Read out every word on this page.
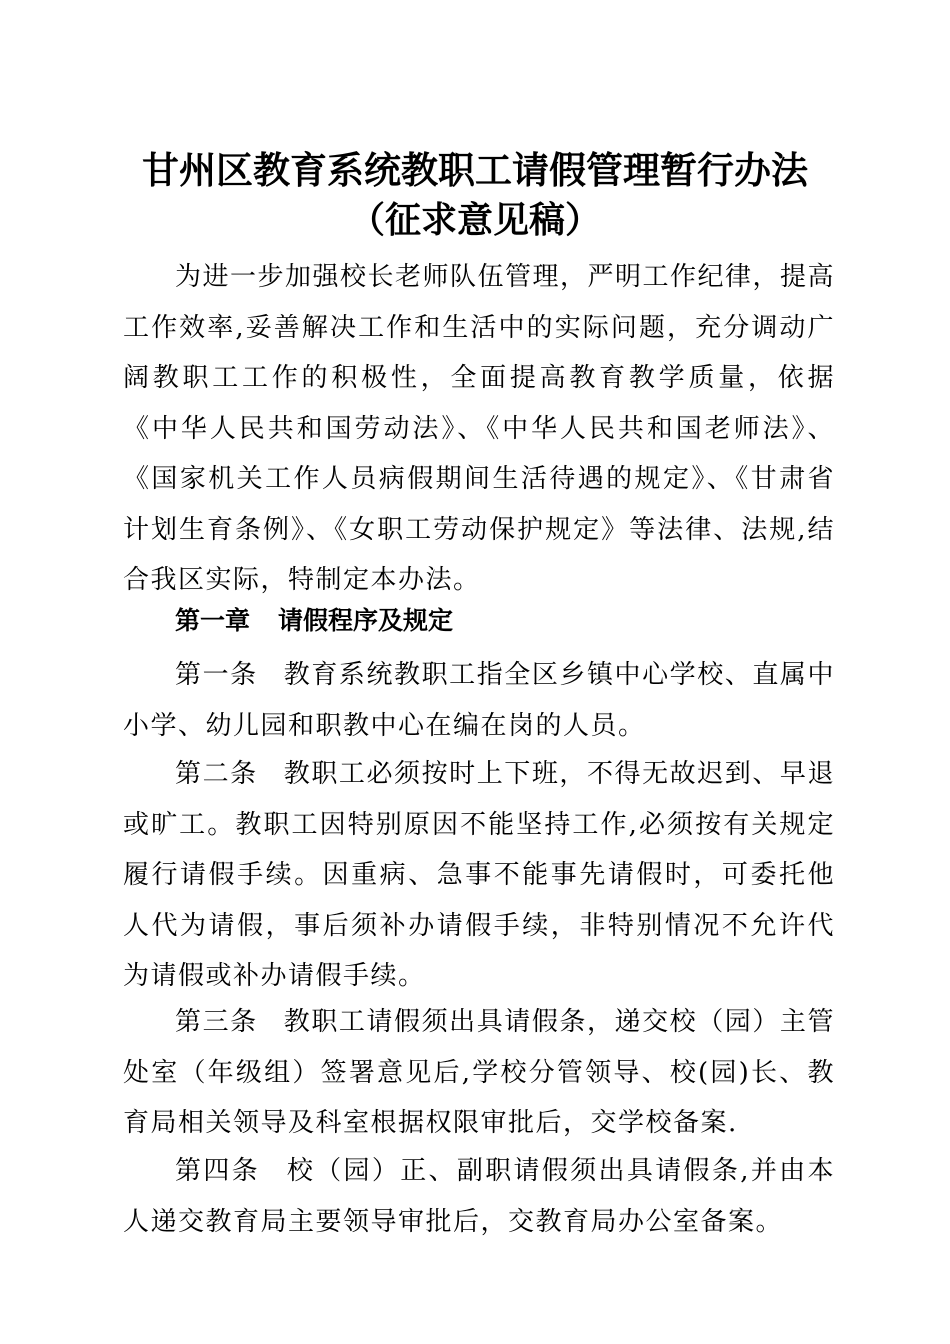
甘州区教育系统教职工请假管理暂行办法
（征求意见稿）

为进一步加强校长老师队伍管理，严明工作纪律，提高工作效率,妥善解决工作和生活中的实际问题，充分调动广阔教职工工作的积极性，全面提高教育教学质量，依据《中华人民共和国劳动法》、《中华人民共和国老师法》、《国家机关工作人员病假期间生活待遇的规定》、《甘肃省计划生育条例》、《女职工劳动保护规定》等法律、法规,结合我区实际，特制定本办法。

第一章 请假程序及规定

第一条 教育系统教职工指全区乡镇中心学校、直属中小学、幼儿园和职教中心在编在岗的人员。

第二条 教职工必须按时上下班，不得无故迟到、早退或旷工。教职工因特别原因不能坚持工作,必须按有关规定履行请假手续。因重病、急事不能事先请假时，可委托他人代为请假，事后须补办请假手续，非特别情况不允许代为请假或补办请假手续。

第三条 教职工请假须出具请假条，递交校（园）主管处室（年级组）签署意见后,学校分管领导、校(园)长、教育局相关领导及科室根据权限审批后，交学校备案.

第四条 校（园）正、副职请假须出具请假条,并由本人递交教育局主要领导审批后，交教育局办公室备案。
